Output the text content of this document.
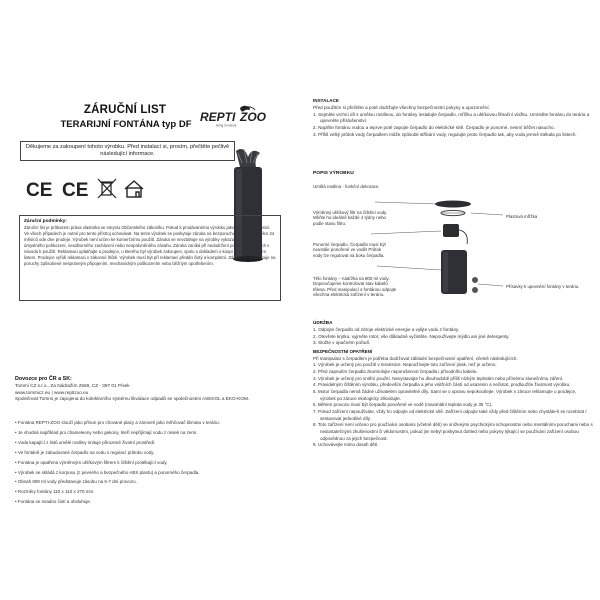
ZÁRUČNÍ LIST
TERARIJNÍ FONTÁNA typ DF
REPTI ZOO
living in nature
Děkujeme za zakoupení tohoto výrobku. Před instalací si, prosím, přečtěte pečlivě následující informace.
CE CE
Záruční podmínky:
Záruční list je průkazem práva vlastníka ve smyslu Občanského zákoníku. Pokud k prodávanému výrobku jako jeho příslušenství. Ve všech případech je nutné pro tento přístroj uchovávat. Na tento výrobek se poskytuje záruka na bezporuchový provoz v délce 24 měsíců ode dne prodeje. Výrobek není určen ke komerčnímu použití. Záruka se nevztahuje na výrobky vykazující známky úmyslného poškození, neodborného zacházení nebo neoprávněného zásahu. Záruka zaniká při nedodržení pokynů uvedených v návodu k použití. Reklamaci uplatňujte u prodejce, u kterého byl výrobek zakoupen, spolu s dokladem o koupi a tímto záručním listem. Prodejce vyřídí reklamaci v zákonné lhůtě. Výrobek musí být při reklamaci předán čistý a kompletní. Záruka se nevztahuje na poruchy způsobené nesprávným připojením, mechanickým poškozením nebo běžným opotřebením.
Dovozce pro ČR a SK:
Tommi CZ s.r.o., Za Nádražím 2569, CZ - 397 01 Písek
www.tommicz.eu | www.reptizoo.eu
Společnost Tommi je zapojena do kolektivního systému likvidace odpadů se společnostmi ASEKOL a EKO-KOM.
• Fontána REPTI-ZOO slouží jako přísun pro chované plazy a zároveň jako zvlhčovač klimatu v teráriu.
• Je vhodná například pro chameleony nebo gekony, kteří nepřijímají vodu z misek na zemi.
• Voda kapající z listů umělé rostliny imituje přirozené životní prostředí.
• Ve fontáně je zabudované čerpadlo na vodu s regulací průtoku vody.
• Fontána je opatřena výměnným uhlíkovým filtrem k čištění protékající vody.
• Výrobek se skládá z korpusu (z pevného a bezpečného ABS plastu) a ponorného čerpadla.
• Obsah 800 ml vody představuje zásobu na 5-7 dní provozu.
• Rozměry fontány 110 x 110 x 270 mm.
• Fontána se snadno čistí a obsluhuje.
INSTALACE
Před použitím si přečtěte a poté dodržujte všechny bezpečnostní pokyny a upozornění.
1. Sejměte vrchní díl s umělou rostlinou, do fontány instalujte čerpadlo, mřížku a uhlíkovou filtrační vložku. Umístěte fontánu do terária a upevněte příslušenství.
2. Naplňte fontánu vodou a teprve poté zapojte čerpadlo do elektrické sítě. Čerpadlo je ponorné, nesmí běžet nasucho.
3. Příliš velký průtok vody čerpadlem může způsobit stříkání vody, regulujte proto čerpadlo tak, aby voda jemně stékala po listech.
POPIS VÝROBKU
Umělá rostlina - funkční dekorace.
Výměnný uhlíkový filtr na čištění vody. Měňte ho ideálně každé 4 týdny nebo podle stavu filtru.
Plastová mřížka
Ponorné čerpadlo. Čerpadlo musí být neustále ponořené ve vodě! Průtok vody lze regulovat na boku čerpadla.
Tělo fontány – nádržka na 800 ml vody. Doporučujeme kontrolovat stav kabelů tělesa. Před manipulací s fontánou odpojte všechna elektrická zařízení v teráriu.
Přísavky k upevnění fontány v teráriu.
ÚDRŽBA
1. Odpojte čerpadlo od zdroje elektrické energie a vylijte vodu z fontány.
2. Otevřete krytku, vyjměte rotor, vše důkladně vyčistěte. Nepoužívejte mýdlo ani jiné detergenty.
3. Složte v opačném pořadí.
BEZPEČNOSTNÍ OPATŘENÍ
Při manipulaci s čerpadlem je potřeba dodržovat základní bezpečnostní opatření, včetně následujících.
1. Výrobek je určený pro použití v teraristice. Nepoužívejte toto zařízení jinak, než je určeno.
2. Před zapnutím čerpadla zkontrolujte neporušenost čerpadla i přívodního kabelu.
3. Výrobek je určený pro vnitřní použití. Nevystavujte ho dlouhodobě příliš nízkým teplotám nebo přímému slunečnímu záření.
4. Pravidelným čištěním výrobku, především čerpadla a jeho vnitřních částí od usazenin a nečistot, prodloužíte životnost výrobku.
5. Motor čerpadla nemá žádné uživatelem opravitelné díly. Sami se o opravu nepokoušejte. Výrobek v záruce reklamujte u prodejce, výrobek po záruce ekologicky zlikvidujte.
6. Během provozu musí být čerpadlo ponořené ve vodě (maximální teplota vody je 35 °C).
7. Pokud zařízení nepoužíváte, vždy ho odpojte od elektrické sítě. Zařízení odpojte také vždy před čištěním nebo chystáte-li se rozebírat / sestavovat jednotlivé díly.
8. Toto zařízení není určeno pro používání osobami (včetně dětí) se sníženými psychickými schopnostmi nebo mentálními poruchami nebo s nedostatečnými zkušenostmi či vědomostmi, pokud jim nebyl poskytnut dohled nebo pokyny týkající se používání zařízení osobou odpovědnou za jejich bezpečnost.
9. Uchovávejte mimo dosah dětí.
